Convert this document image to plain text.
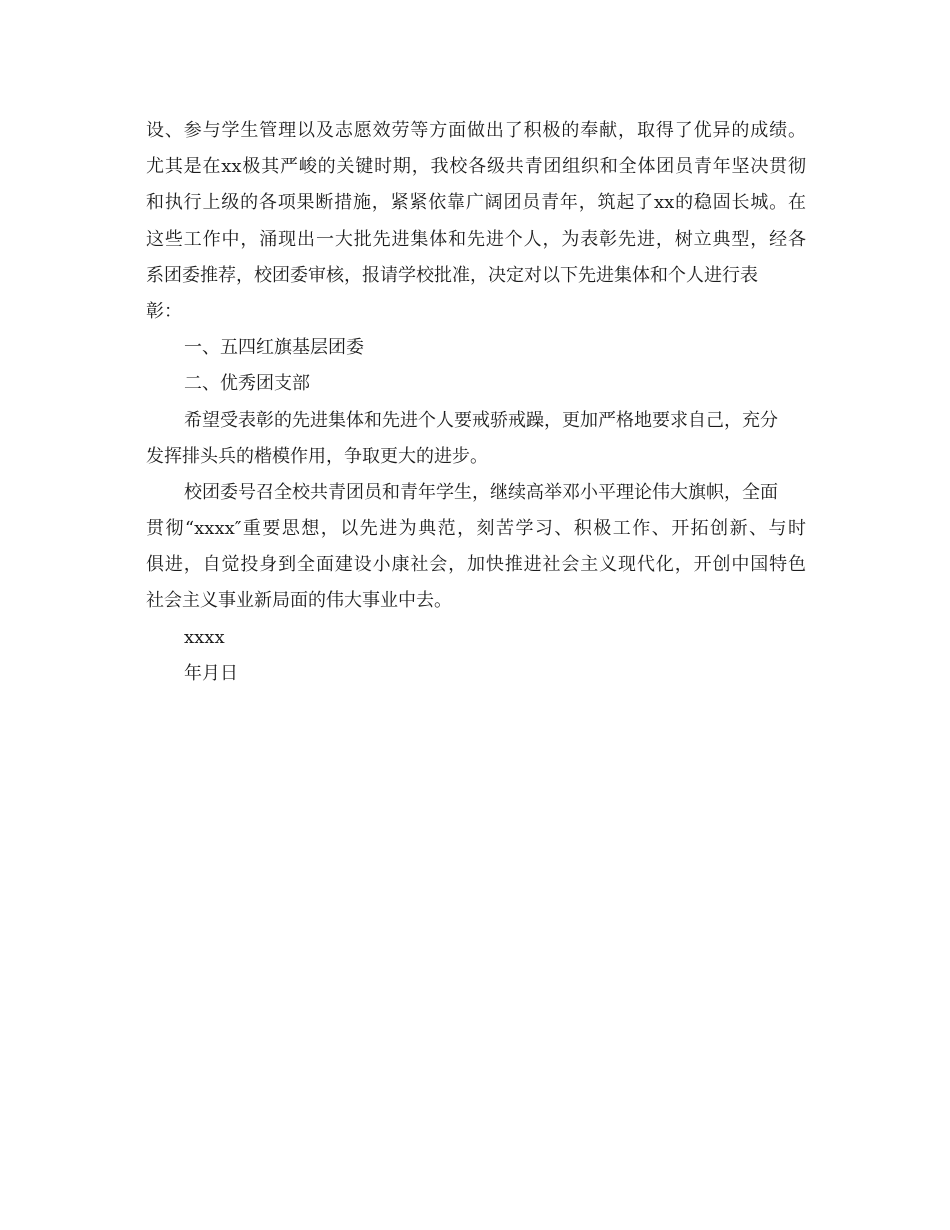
设、参与学生管理以及志愿效劳等方面做出了积极的奉献，取得了优异的成绩。
尤其是在xx极其严峻的关键时期，我校各级共青团组织和全体团员青年坚决贯彻
和执行上级的各项果断措施，紧紧依靠广阔团员青年，筑起了xx的稳固长城。在
这些工作中，涌现出一大批先进集体和先进个人，为表彰先进，树立典型，经各
系团委推荐，校团委审核，报请学校批准，决定对以下先进集体和个人进行表
彰：
一、五四红旗基层团委
二、优秀团支部
希望受表彰的先进集体和先进个人要戒骄戒躁，更加严格地要求自己，充分
发挥排头兵的楷模作用，争取更大的进步。
校团委号召全校共青团员和青年学生，继续高举邓小平理论伟大旗帜，全面
贯彻“xxxx″重要思想，以先进为典范，刻苦学习、积极工作、开拓创新、与时
俱进，自觉投身到全面建设小康社会，加快推进社会主义现代化，开创中国特色
社会主义事业新局面的伟大事业中去。
xxxx
年月日
